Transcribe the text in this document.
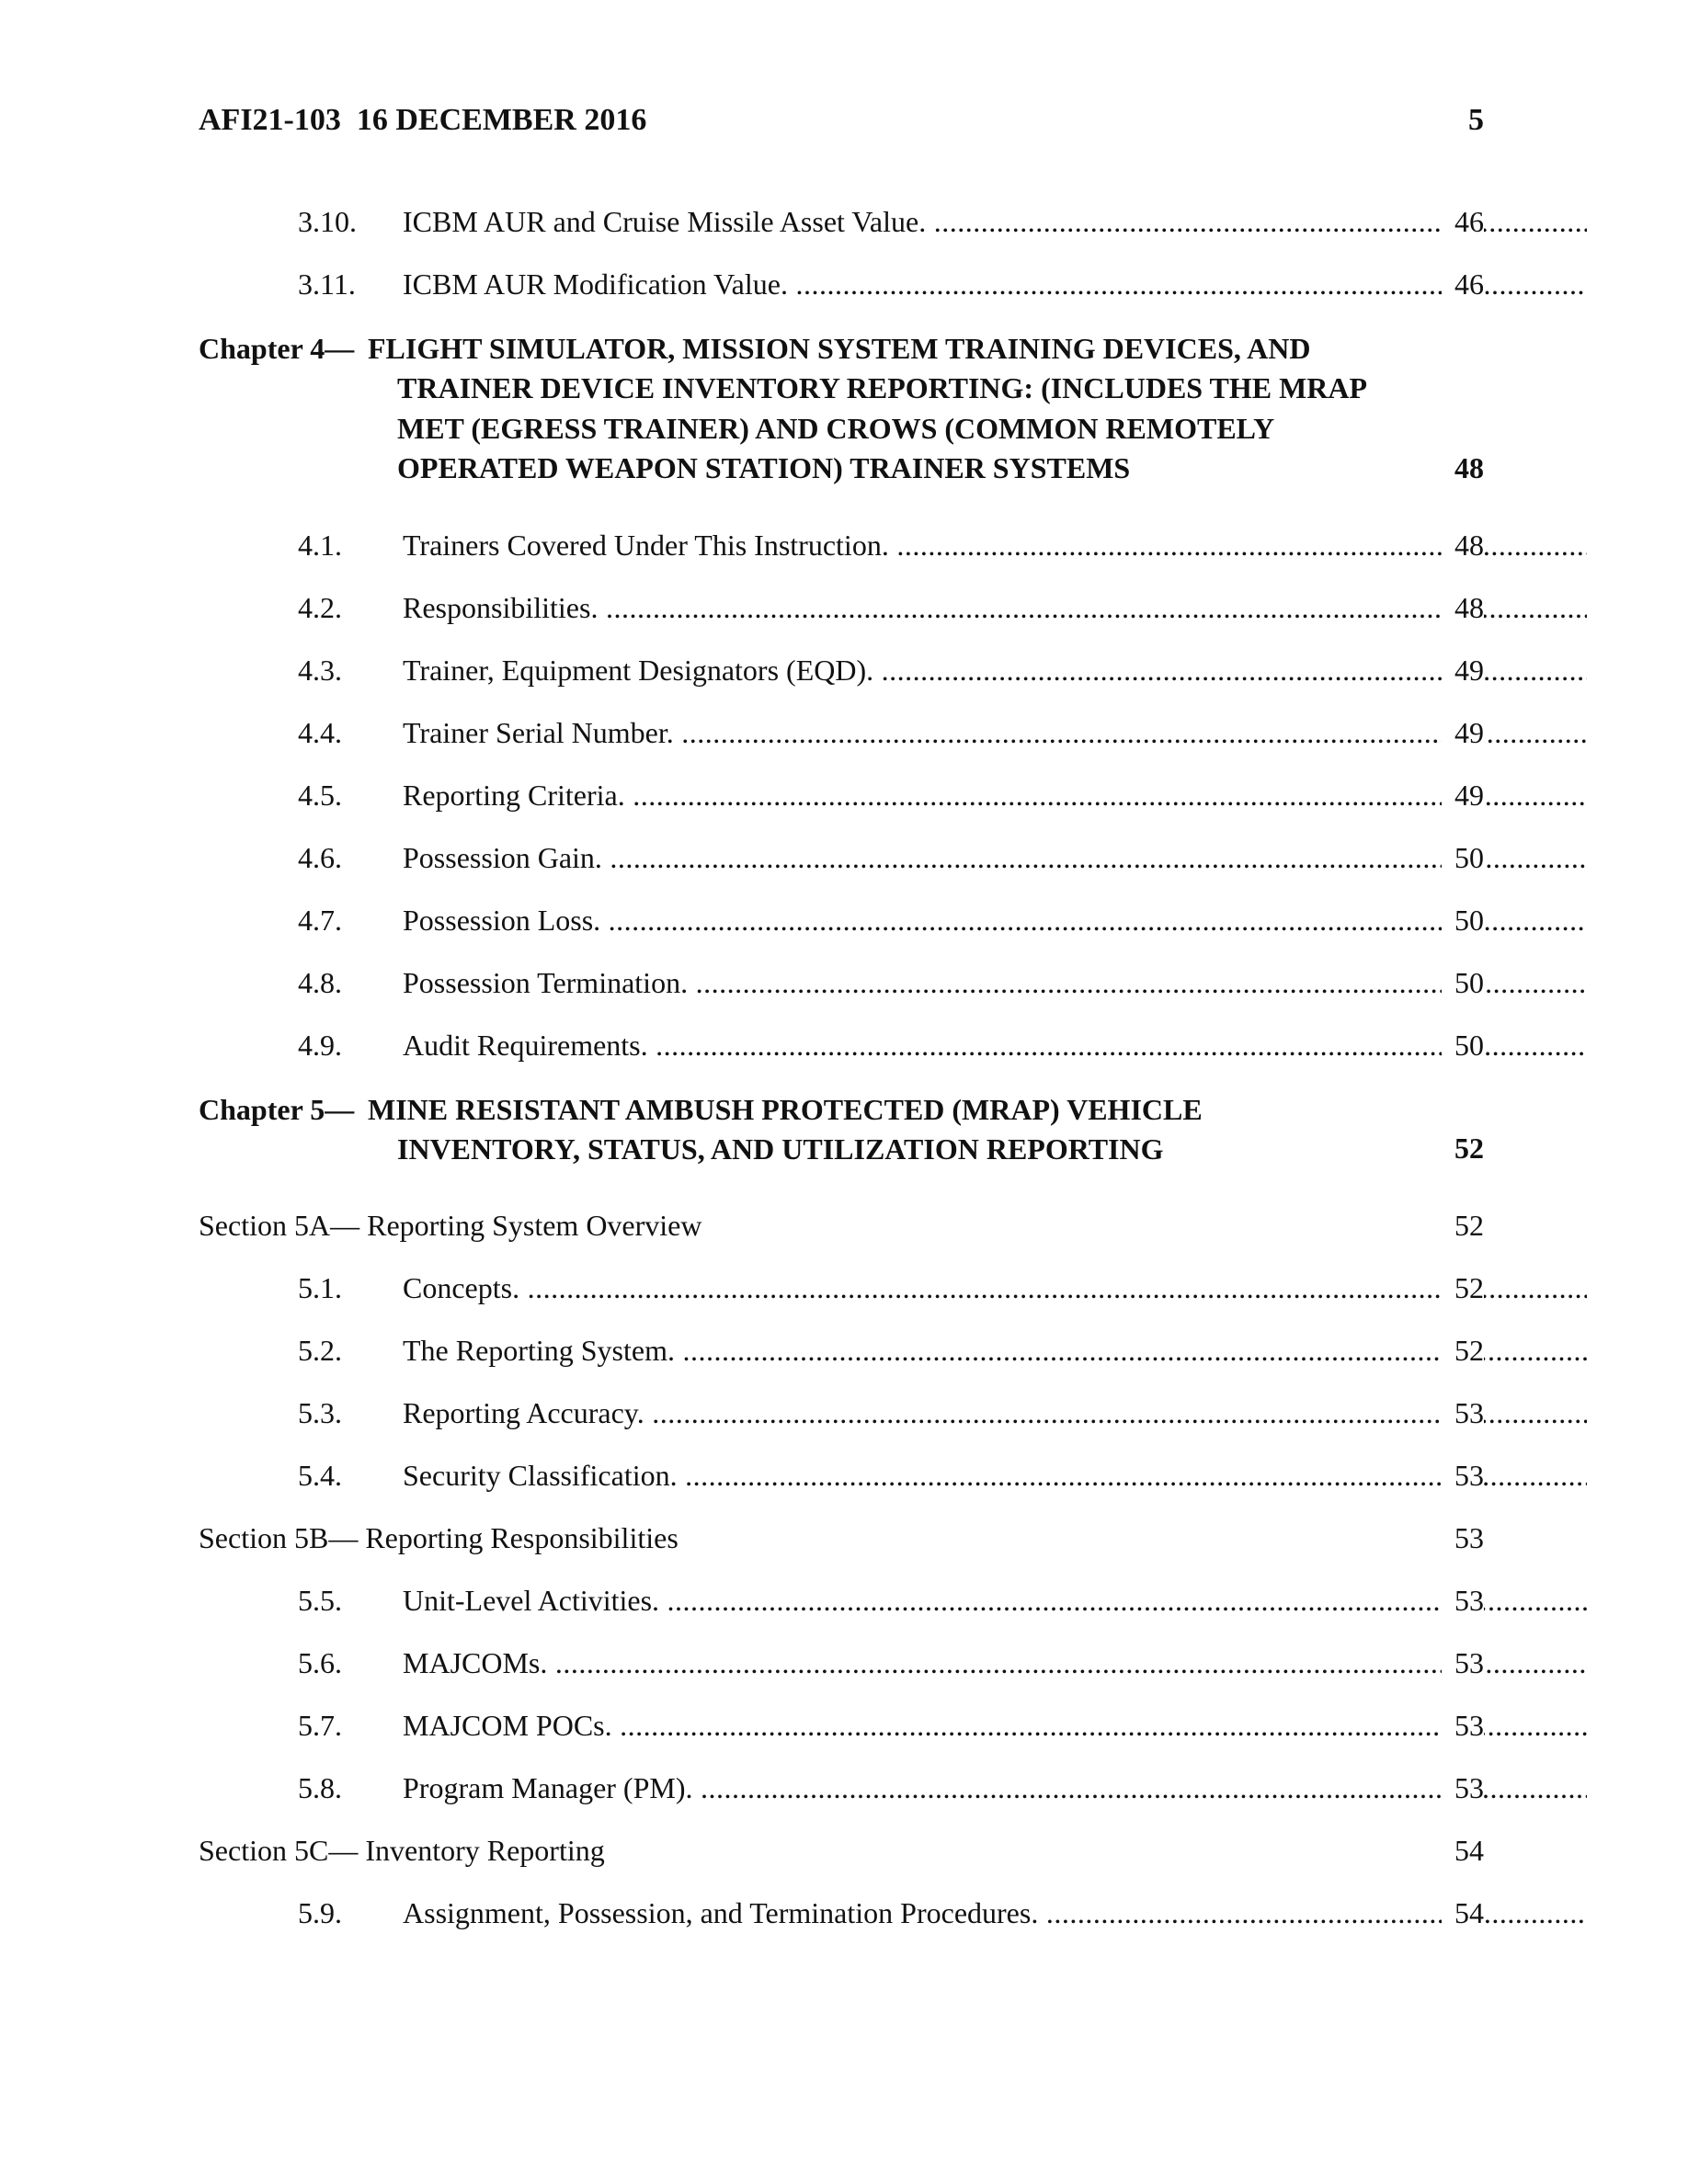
AFI21-103  16 DECEMBER 2016	5
3.10. ICBM AUR and Cruise Missile Asset Value. .....	46
3.11. ICBM AUR Modification Value. .....	46
Chapter 4— FLIGHT SIMULATOR, MISSION SYSTEM TRAINING DEVICES, AND
TRAINER DEVICE INVENTORY REPORTING: (INCLUDES THE MRAP MET (EGRESS TRAINER) AND CROWS (COMMON REMOTELY OPERATED WEAPON STATION) TRAINER SYSTEMS	48
4.1. Trainers Covered Under This Instruction. .....	48
4.2. Responsibilities. .....	48
4.3. Trainer, Equipment Designators (EQD). .....	49
4.4. Trainer Serial Number. .....	49
4.5. Reporting Criteria. .....	49
4.6. Possession Gain. .....	50
4.7. Possession Loss. .....	50
4.8. Possession Termination. .....	50
4.9. Audit Requirements. .....	50
Chapter 5— MINE RESISTANT AMBUSH PROTECTED (MRAP) VEHICLE
INVENTORY, STATUS, AND UTILIZATION REPORTING	52
Section 5A— Reporting System Overview	52
5.1. Concepts. .....	52
5.2. The Reporting System. .....	52
5.3. Reporting Accuracy. .....	53
5.4. Security Classification. .....	53
Section 5B— Reporting Responsibilities	53
5.5. Unit-Level Activities. .....	53
5.6. MAJCOMs. .....	53
5.7. MAJCOM POCs. .....	53
5.8. Program Manager (PM). .....	53
Section 5C— Inventory Reporting	54
5.9. Assignment, Possession, and Termination Procedures. .....	54
